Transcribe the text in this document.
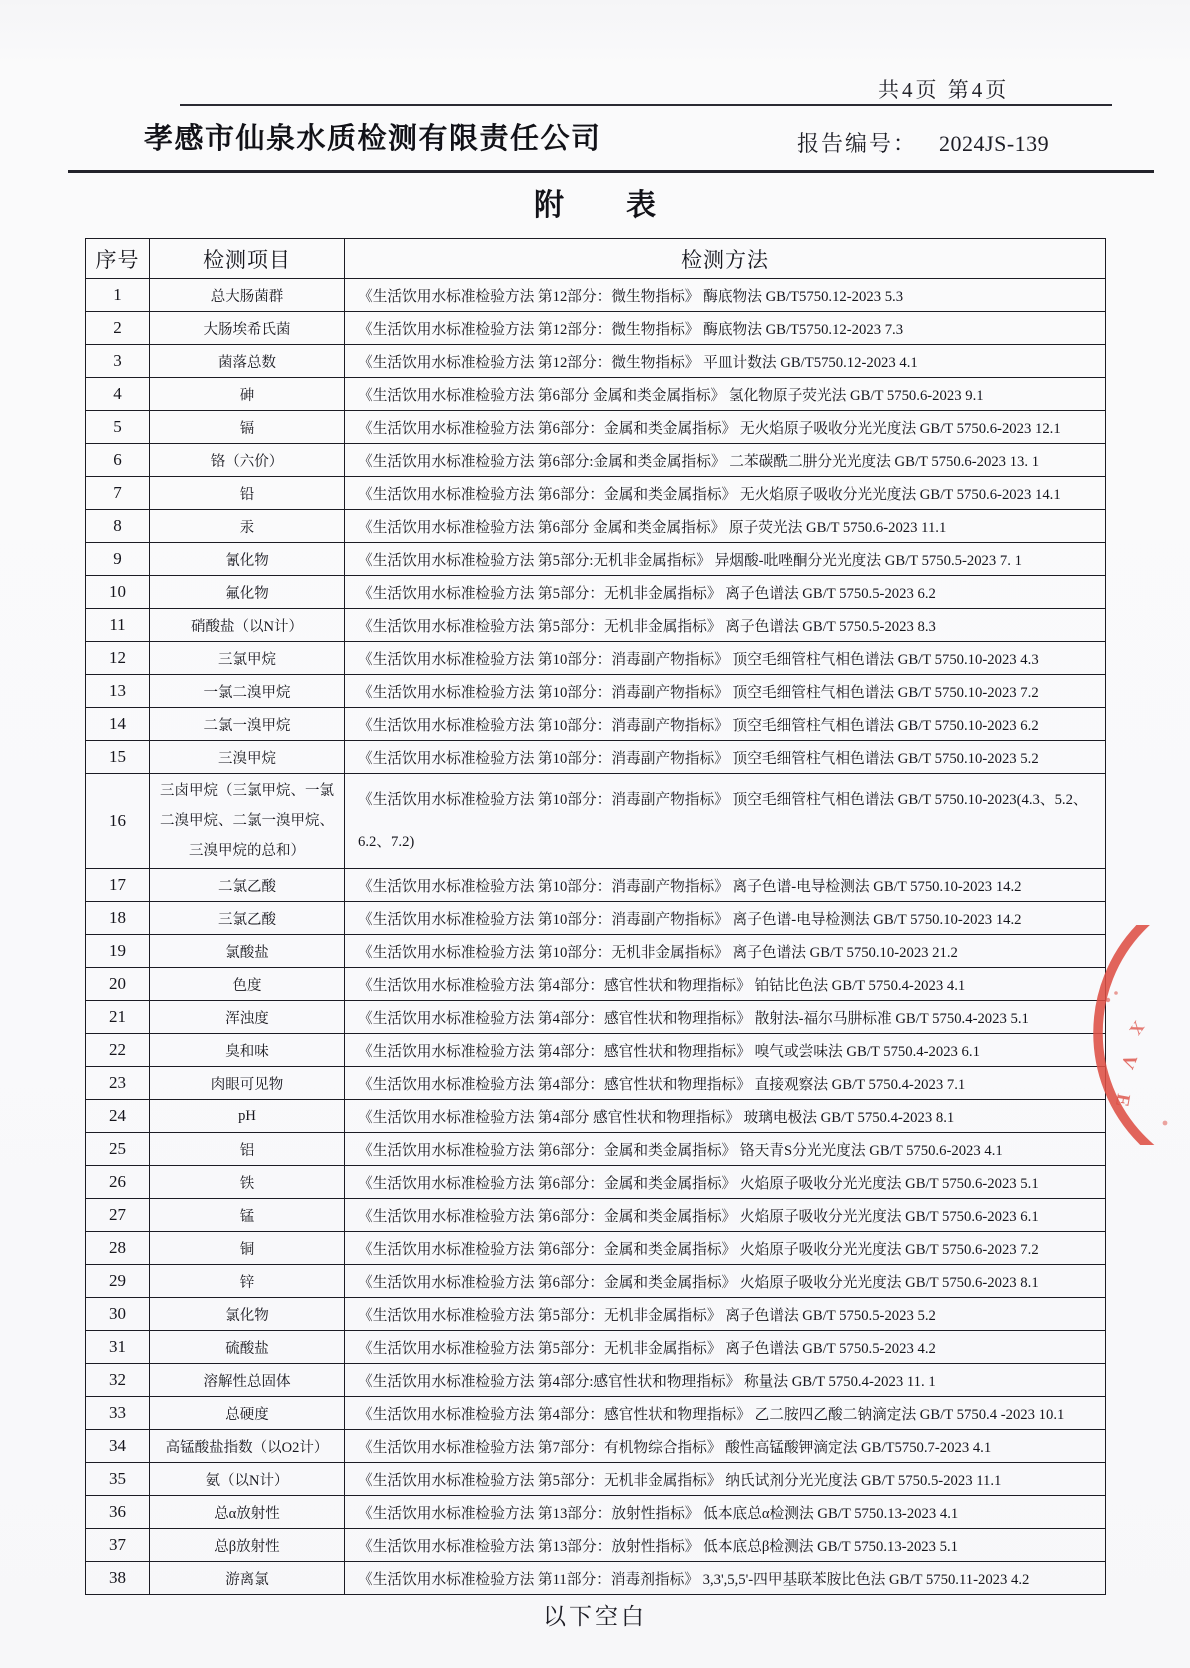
共4页 第4页
孝感市仙泉水质检测有限责任公司	报告编号： 2024JS-139
附 表
序号	检测项目	检测方法
1	总大肠菌群	《生活饮用水标准检验方法 第12部分：微生物指标》 酶底物法 GB/T5750.12-2023 5.3
2	大肠埃希氏菌	《生活饮用水标准检验方法 第12部分：微生物指标》 酶底物法 GB/T5750.12-2023 7.3
3	菌落总数	《生活饮用水标准检验方法 第12部分：微生物指标》 平皿计数法 GB/T5750.12-2023 4.1
4	砷	《生活饮用水标准检验方法 第6部分 金属和类金属指标》 氢化物原子荧光法 GB/T 5750.6-2023 9.1
5	镉	《生活饮用水标准检验方法 第6部分：金属和类金属指标》 无火焰原子吸收分光光度法 GB/T 5750.6-2023 12.1
6	铬（六价）	《生活饮用水标准检验方法 第6部分:金属和类金属指标》 二苯碳酰二肼分光光度法 GB/T 5750.6-2023 13. 1
7	铅	《生活饮用水标准检验方法 第6部分：金属和类金属指标》 无火焰原子吸收分光光度法 GB/T 5750.6-2023 14.1
8	汞	《生活饮用水标准检验方法 第6部分 金属和类金属指标》 原子荧光法 GB/T 5750.6-2023 11.1
9	氰化物	《生活饮用水标准检验方法 第5部分:无机非金属指标》 异烟酸-吡唑酮分光光度法 GB/T 5750.5-2023 7. 1
10	氟化物	《生活饮用水标准检验方法 第5部分：无机非金属指标》 离子色谱法 GB/T 5750.5-2023 6.2
11	硝酸盐（以N计）	《生活饮用水标准检验方法 第5部分：无机非金属指标》 离子色谱法 GB/T 5750.5-2023 8.3
12	三氯甲烷	《生活饮用水标准检验方法 第10部分：消毒副产物指标》 顶空毛细管柱气相色谱法 GB/T 5750.10-2023 4.3
13	一氯二溴甲烷	《生活饮用水标准检验方法 第10部分：消毒副产物指标》 顶空毛细管柱气相色谱法 GB/T 5750.10-2023 7.2
14	二氯一溴甲烷	《生活饮用水标准检验方法 第10部分：消毒副产物指标》 顶空毛细管柱气相色谱法 GB/T 5750.10-2023 6.2
15	三溴甲烷	《生活饮用水标准检验方法 第10部分：消毒副产物指标》 顶空毛细管柱气相色谱法 GB/T 5750.10-2023 5.2
16	三卤甲烷（三氯甲烷、一氯二溴甲烷、二氯一溴甲烷、三溴甲烷的总和）	《生活饮用水标准检验方法 第10部分：消毒副产物指标》 顶空毛细管柱气相色谱法 GB/T 5750.10-2023(4.3、5.2、6.2、7.2)
17	二氯乙酸	《生活饮用水标准检验方法 第10部分：消毒副产物指标》 离子色谱-电导检测法 GB/T 5750.10-2023 14.2
18	三氯乙酸	《生活饮用水标准检验方法 第10部分：消毒副产物指标》 离子色谱-电导检测法 GB/T 5750.10-2023 14.2
19	氯酸盐	《生活饮用水标准检验方法 第10部分：无机非金属指标》 离子色谱法 GB/T 5750.10-2023 21.2
20	色度	《生活饮用水标准检验方法 第4部分：感官性状和物理指标》 铂钴比色法 GB/T 5750.4-2023 4.1
21	浑浊度	《生活饮用水标准检验方法 第4部分：感官性状和物理指标》 散射法-福尔马肼标准 GB/T 5750.4-2023 5.1
22	臭和味	《生活饮用水标准检验方法 第4部分：感官性状和物理指标》 嗅气或尝味法 GB/T 5750.4-2023 6.1
23	肉眼可见物	《生活饮用水标准检验方法 第4部分：感官性状和物理指标》 直接观察法 GB/T 5750.4-2023 7.1
24	pH	《生活饮用水标准检验方法 第4部分 感官性状和物理指标》 玻璃电极法 GB/T 5750.4-2023 8.1
25	铝	《生活饮用水标准检验方法 第6部分：金属和类金属指标》 铬天青S分光光度法 GB/T 5750.6-2023 4.1
26	铁	《生活饮用水标准检验方法 第6部分：金属和类金属指标》 火焰原子吸收分光光度法 GB/T 5750.6-2023 5.1
27	锰	《生活饮用水标准检验方法 第6部分：金属和类金属指标》 火焰原子吸收分光光度法 GB/T 5750.6-2023 6.1
28	铜	《生活饮用水标准检验方法 第6部分：金属和类金属指标》 火焰原子吸收分光光度法 GB/T 5750.6-2023 7.2
29	锌	《生活饮用水标准检验方法 第6部分：金属和类金属指标》 火焰原子吸收分光光度法 GB/T 5750.6-2023 8.1
30	氯化物	《生活饮用水标准检验方法 第5部分：无机非金属指标》 离子色谱法 GB/T 5750.5-2023 5.2
31	硫酸盐	《生活饮用水标准检验方法 第5部分：无机非金属指标》 离子色谱法 GB/T 5750.5-2023 4.2
32	溶解性总固体	《生活饮用水标准检验方法 第4部分:感官性状和物理指标》 称量法 GB/T 5750.4-2023 11. 1
33	总硬度	《生活饮用水标准检验方法 第4部分：感官性状和物理指标》 乙二胺四乙酸二钠滴定法 GB/T 5750.4 -2023 10.1
34	高锰酸盐指数（以O2计）	《生活饮用水标准检验方法 第7部分：有机物综合指标》 酸性高锰酸钾滴定法 GB/T5750.7-2023 4.1
35	氨（以N计）	《生活饮用水标准检验方法 第5部分：无机非金属指标》 纳氏试剂分光光度法 GB/T 5750.5-2023 11.1
36	总α放射性	《生活饮用水标准检验方法 第13部分：放射性指标》 低本底总α检测法 GB/T 5750.13-2023 4.1
37	总β放射性	《生活饮用水标准检验方法 第13部分：放射性指标》 低本底总β检测法 GB/T 5750.13-2023 5.1
38	游离氯	《生活饮用水标准检验方法 第11部分：消毒剂指标》 3,3',5,5'-四甲基联苯胺比色法 GB/T 5750.11-2023 4.2
以下空白
E
V
X
